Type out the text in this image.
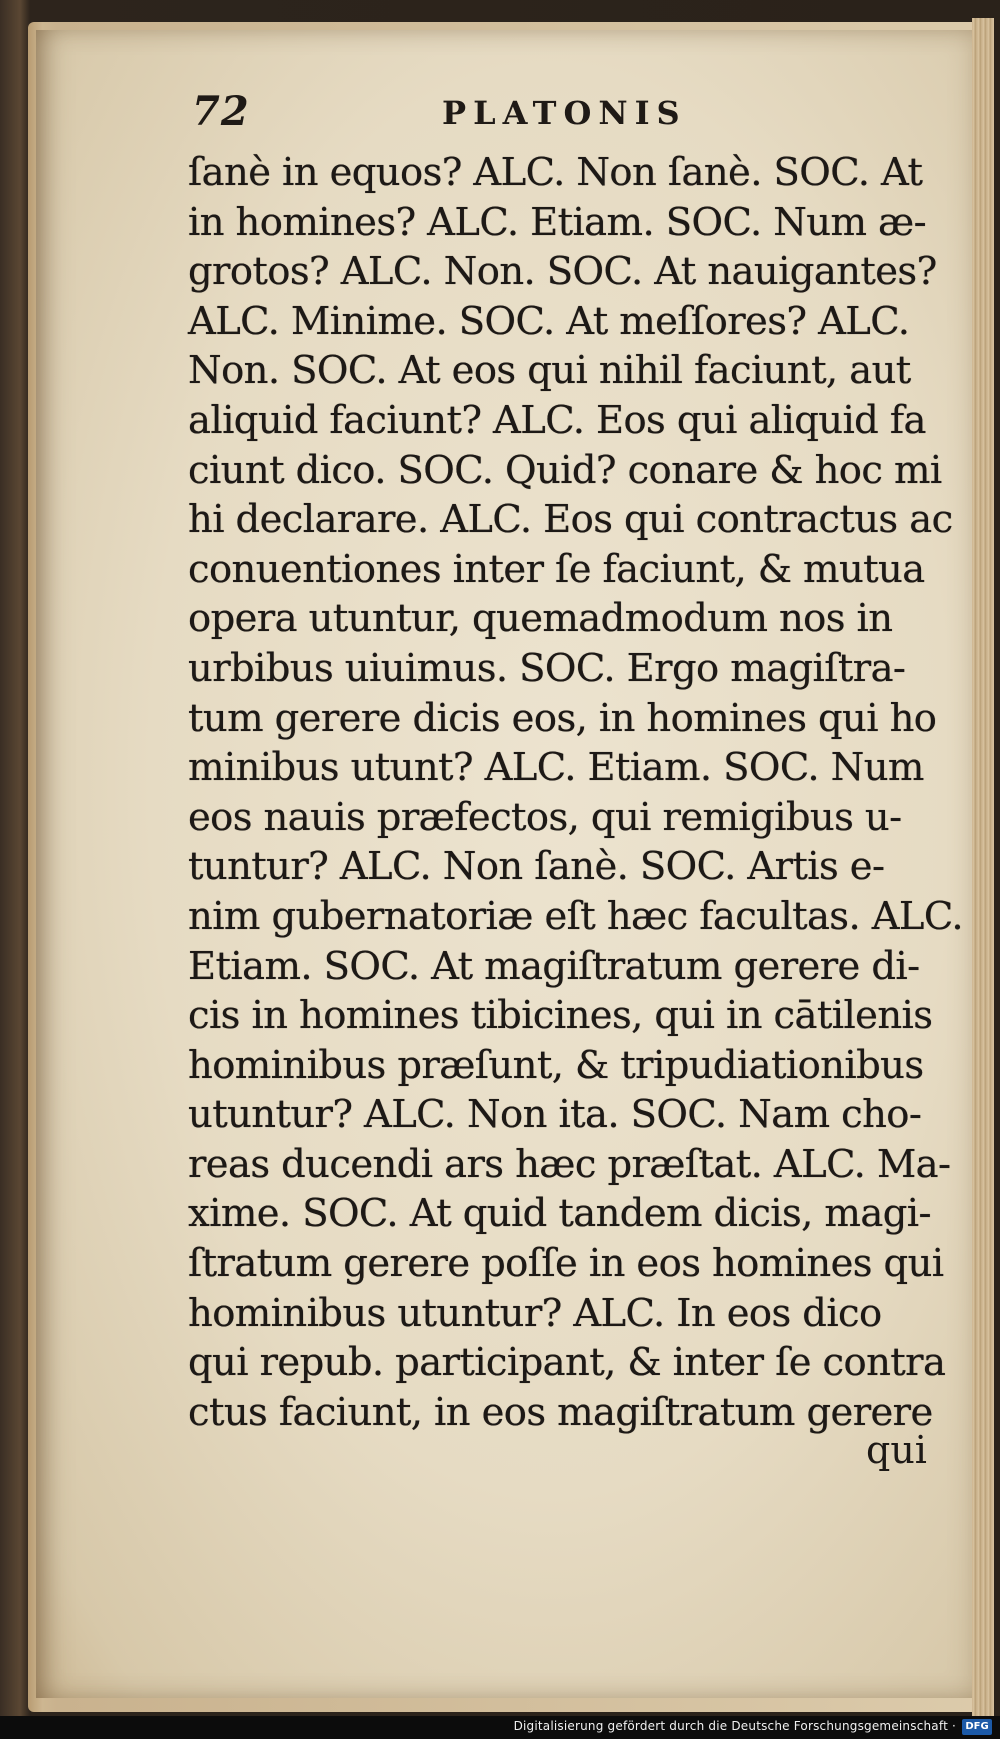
72	PLATONIS
ſanè in equos? ALC. Non ſanè. SOC. At
in homines? ALC. Etiam. SOC. Num æ-
grotos? ALC. Non. SOC. At nauigantes?
ALC. Minime. SOC. At meſſores? ALC.
Non. SOC. At eos qui nihil faciunt, aut
aliquid faciunt? ALC. Eos qui aliquid fa
ciunt dico. SOC. Quid? conare & hoc mi
hi declarare. ALC. Eos qui contractus ac
conuentiones inter ſe faciunt, & mutua
opera utuntur, quemadmodum nos in
urbibus uiuimus. SOC. Ergo magiſtra-
tum gerere dicis eos, in homines qui ho
minibus utunt? ALC. Etiam. SOC. Num
eos nauis præfectos, qui remigibus u-
tuntur? ALC. Non ſanè. SOC. Artis e-
nim gubernatoriæ eſt hæc facultas. ALC.
Etiam. SOC. At magiſtratum gerere di-
cis in homines tibicines, qui in cātilenis
hominibus præſunt, & tripudiationibus
utuntur? ALC. Non ita. SOC. Nam cho-
reas ducendi ars hæc præſtat. ALC. Ma-
xime. SOC. At quid tandem dicis, magi-
ſtratum gerere poſſe in eos homines qui
hominibus utuntur? ALC. In eos dico
qui repub. participant, & inter ſe contra
ctus faciunt, in eos magiſtratum gerere
qui
Digitalisierung gefördert durch die Deutsche Forschungsgemeinschaft · DFG
